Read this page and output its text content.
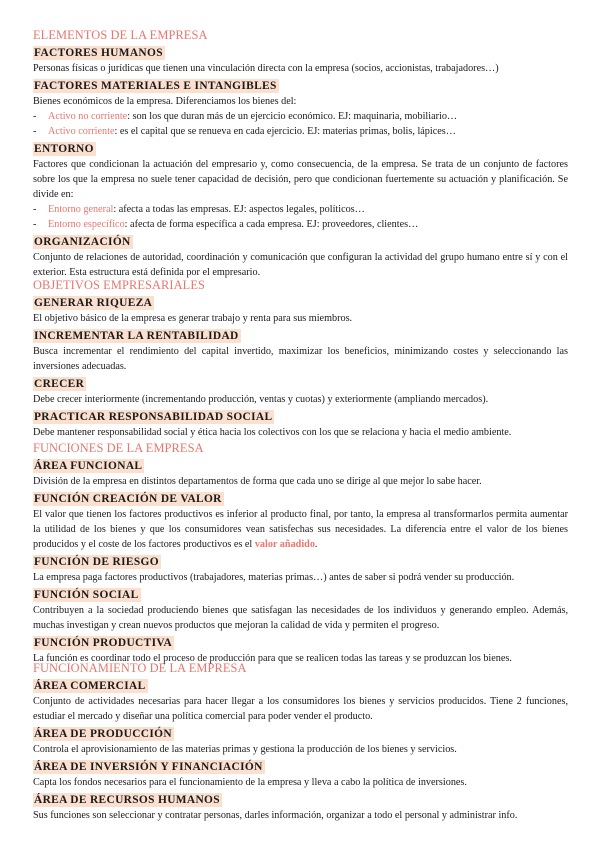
ELEMENTOS DE LA EMPRESA
FACTORES HUMANOS

Personas físicas o jurídicas que tienen una vinculación directa con la empresa (socios, accionistas, trabajadores…)

FACTORES MATERIALES E INTANGIBLES

Bienes económicos de la empresa. Diferenciamos los bienes del:

-	Activo no corriente: son los que duran más de un ejercicio económico. EJ: maquinaria, mobiliario…
-	Activo corriente: es el capital que se renueva en cada ejercicio. EJ: materias primas, bolis, lápices…
ENTORNO

Factores que condicionan la actuación del empresario y, como consecuencia, de la empresa. Se trata de un conjunto de factores sobre los que la empresa no suele tener capacidad de decisión, pero que condicionan fuertemente su actuación y planificación. Se divide en:

-	Entorno general: afecta a todas las empresas. EJ: aspectos legales, políticos…
-	Entorno específico: afecta de forma específica a cada empresa. EJ: proveedores, clientes…
ORGANIZACIÓN

Conjunto de relaciones de autoridad, coordinación y comunicación que configuran la actividad del grupo humano entre sí y con el exterior. Esta estructura está definida por el empresario.

OBJETIVOS EMPRESARIALES
GENERAR RIQUEZA

El objetivo básico de la empresa es generar trabajo y renta para sus miembros.

INCREMENTAR LA RENTABILIDAD

Busca incrementar el rendimiento del capital invertido, maximizar los beneficios, minimizando costes y seleccionando las inversiones adecuadas.

CRECER

Debe crecer interiormente (incrementando producción, ventas y cuotas) y exteriormente (ampliando mercados).

PRACTICAR RESPONSABILIDAD SOCIAL

Debe mantener responsabilidad social y ética hacia los colectivos con los que se relaciona y hacia el medio ambiente.

FUNCIONES DE LA EMPRESA
ÁREA FUNCIONAL

División de la empresa en distintos departamentos de forma que cada uno se dirige al que mejor lo sabe hacer.

FUNCIÓN CREACIÓN DE VALOR

El valor que tienen los factores productivos es inferior al producto final, por tanto, la empresa al transformarlos permita aumentar la utilidad de los bienes y que los consumidores vean satisfechas sus necesidades. La diferencia entre el valor de los bienes producidos y el coste de los factores productivos es el valor añadido.

FUNCIÓN DE RIESGO

La empresa paga factores productivos (trabajadores, materias primas…) antes de saber si podrá vender su producción.

FUNCIÓN SOCIAL

Contribuyen a la sociedad produciendo bienes que satisfagan las necesidades de los individuos y generando empleo. Además, muchas investigan y crean nuevos productos que mejoran la calidad de vida y permiten el progreso.

FUNCIÓN PRODUCTIVA

La función es coordinar todo el proceso de producción para que se realicen todas las tareas y se produzcan los bienes.

FUNCIONAMIENTO DE LA EMPRESA
ÁREA COMERCIAL

Conjunto de actividades necesarias para hacer llegar a los consumidores los bienes y servicios producidos. Tiene 2 funciones, estudiar el mercado y diseñar una política comercial para poder vender el producto.

ÁREA DE PRODUCCIÓN

Controla el aprovisionamiento de las materias primas y gestiona la producción de los bienes y servicios.

ÁREA DE INVERSIÓN Y FINANCIACIÓN

Capta los fondos necesarios para el funcionamiento de la empresa y lleva a cabo la política de inversiones.

ÁREA DE RECURSOS HUMANOS

Sus funciones son seleccionar y contratar personas, darles información, organizar a todo el personal y administrar info.
